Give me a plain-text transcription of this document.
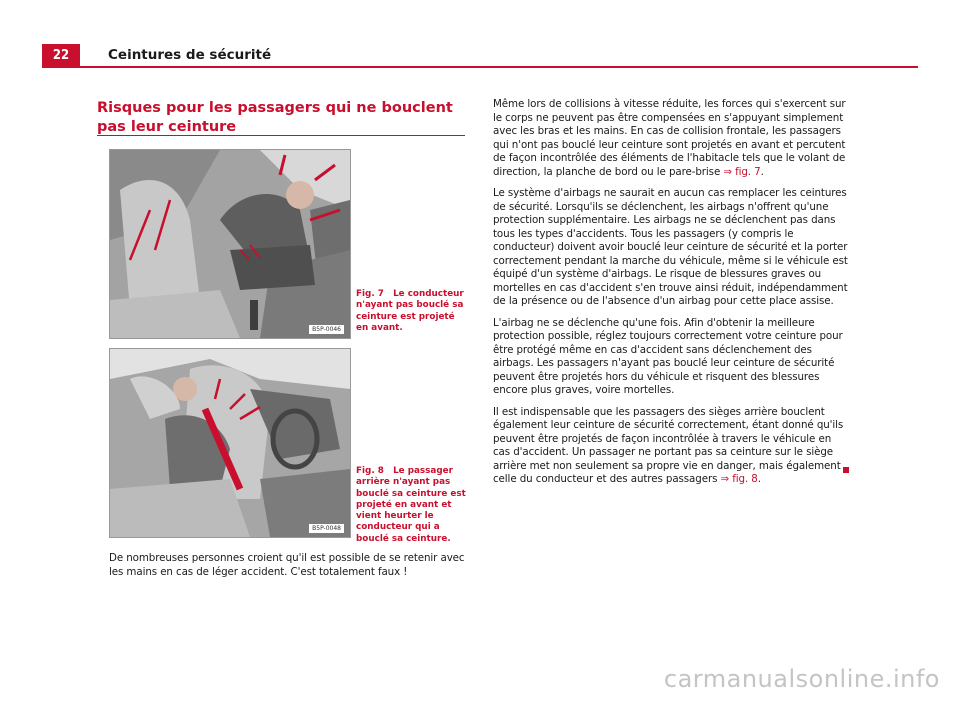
22	Ceintures de sécurité
Risques pour les passagers qui ne bouclent pas leur ceinture
B5P-0046
Fig. 7 Le conducteur n'ayant pas bouclé sa ceinture est projeté en avant.
B5P-0048
Fig. 8 Le passager arrière n'ayant pas bouclé sa ceinture est projeté en avant et vient heurter le conducteur qui a bouclé sa ceinture.

De nombreuses personnes croient qu'il est possible de se retenir avec les mains en cas de léger accident. C'est totalement faux !

Même lors de collisions à vitesse réduite, les forces qui s'exercent sur le corps ne peuvent pas être compensées en s'appuyant simplement avec les bras et les mains. En cas de collision frontale, les passagers qui n'ont pas bouclé leur ceinture sont projetés en avant et percutent de façon incontrôlée des éléments de l'habitacle tels que le volant de direction, la planche de bord ou le pare-brise ⇒ fig. 7.

Le système d'airbags ne saurait en aucun cas remplacer les ceintures de sécurité. Lorsqu'ils se déclenchent, les airbags n'offrent qu'une protection supplémentaire. Les airbags ne se déclenchent pas dans tous les types d'accidents. Tous les passagers (y compris le conducteur) doivent avoir bouclé leur ceinture de sécurité et la porter correctement pendant la marche du véhicule, même si le véhicule est équipé d'un système d'airbags. Le risque de blessures graves ou mortelles en cas d'accident s'en trouve ainsi réduit, indépendamment de la présence ou de l'absence d'un airbag pour cette place assise.

L'airbag ne se déclenche qu'une fois. Afin d'obtenir la meilleure protection possible, réglez toujours correctement votre ceinture pour être protégé même en cas d'accident sans déclenchement des airbags. Les passagers n'ayant pas bouclé leur ceinture de sécurité peuvent être projetés hors du véhicule et risquent des blessures encore plus graves, voire mortelles.

Il est indispensable que les passagers des sièges arrière bouclent également leur ceinture de sécurité correctement, étant donné qu'ils peuvent être projetés de façon incontrôlée à travers le véhicule en cas d'accident. Un passager ne portant pas sa ceinture sur le siège arrière met non seulement sa propre vie en danger, mais également celle du conducteur et des autres passagers ⇒ fig. 8.

carmanualsonline.info
